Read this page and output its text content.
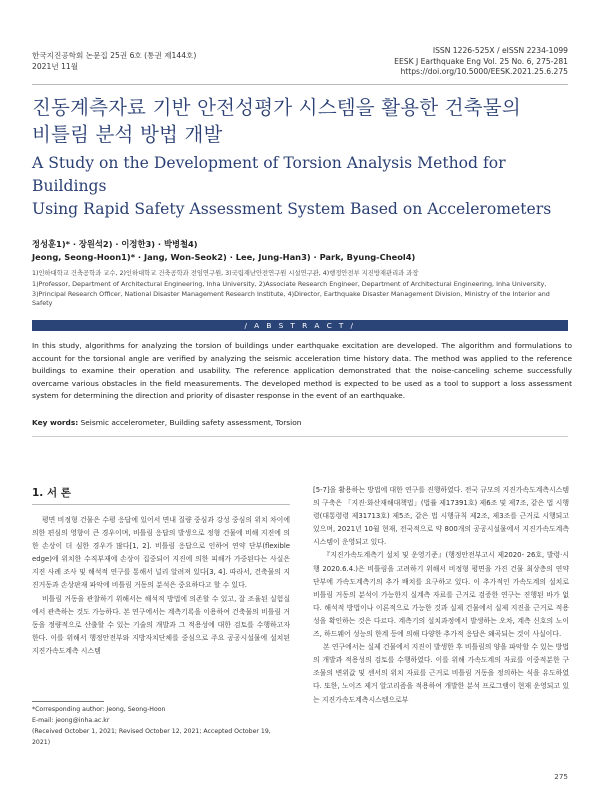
한국지진공학회 논문집 25권 6호 (통권 제144호)
2021년 11월
ISSN 1226-525X / eISSN 2234-1099
EESK J Earthquake Eng Vol. 25 No. 6, 275-281
https://doi.org/10.5000/EESK.2021.25.6.275
진동계측자료 기반 안전성평가 시스템을 활용한 건축물의
비틀림 분석 방법 개발
A Study on the Development of Torsion Analysis Method for Buildings
Using Rapid Safety Assessment System Based on Accelerometers
정성훈1)* · 장원석2) · 이정한3) · 박병철4)
Jeong, Seong-Hoon1)* · Jang, Won-Seok2) · Lee, Jung-Han3) · Park, Byung-Cheol4)
1)인하대학교 건축공학과 교수, 2)인하대학교 건축공학과 전임연구원, 3)국립재난안전연구원 시설연구관, 4)행정안전부 지진방재관리과 과장
1)Professor, Department of Architectural Engineering, Inha University, 2)Associate Research Engineer, Department of Architectural Engineering, Inha University, 3)Principal Research Officer, National Disaster Management Research Institute, 4)Director, Earthquake Disaster Management Division, Ministry of the Interior and Safety
/ A B S T R A C T /
In this study, algorithms for analyzing the torsion of buildings under earthquake excitation are developed. The algorithm and formulations to account for the torsional angle are verified by analyzing the seismic acceleration time history data. The method was applied to the reference buildings to examine their operation and usability. The reference application demonstrated that the noise-canceling scheme successfully overcame various obstacles in the field measurements. The developed method is expected to be used as a tool to support a loss assessment system for determining the direction and priority of disaster response in the event of an earthquake.
Key words: Seismic accelerometer, Building safety assessment, Torsion
1. 서 론

평면 비정형 건물은 수평 응답에 있어서 면내 질량 중심과 강성 중심의 위치 차이에 의한 편심의 영향이 큰 경우이며, 비틀림 응답의 발생으로 정형 건물에 비해 지진에 의한 손상이 더 심한 경우가 많다[1, 2]. 비틀림 응답으로 인하여 연약 단부(flexible edge)에 위치한 수직부재에 손상이 집중되어 지진에 의한 피해가 가중된다는 사실은 지진 사례 조사 및 해석적 연구를 통해서 널리 알려져 있다[3, 4]. 따라서, 건축물의 지진거동과 손상판재 파악에 비틀림 거동의 분석은 중요하다고 할 수 있다.

비틀림 거동을 관찰하기 위해서는 해석적 방법에 의존할 수 있고, 잘 조율된 실험실에서 관측하는 것도 가능하다. 본 연구에서는 계측기록을 이용하여 건축물의 비틀림 거동을 정량적으로 산출할 수 있는 기술의 개발과 그 적용성에 대한 검토를 수행하고자 한다. 이를 위해서 행정안전부와 지방자치단체를 중심으로 주요 공공시설물에 설치된 지진가속도계측 시스템

[5-7]을 활용하는 방법에 대한 연구를 진행하였다. 전국 규모의 지진가속도계측시스템의 구축은 「지진·화산재해대책법」(법률 제17391호) 제6조 및 제7조, 같은 법 시행령(대통령령 제31713호) 제5조, 같은 법 시행규칙 제2조, 제3조를 근거로 시행되고 있으며, 2021년 10월 현재, 전국적으로 약 800개의 공공시설물에서 지진가속도계측 시스템이 운영되고 있다.

『지진가속도계측기 설치 및 운영기준』(행정안전부고시 제2020- 26호, 발령·시행 2020.6.4.)은 비틀림을 고려하기 위해서 비정형 평면을 가진 건물 최상층의 연약 단부에 가속도계측기의 추가 배치를 요구하고 있다. 이 추가적인 가속도계의 설치로 비틀림 거동의 분석이 가능한지 실계측 자료를 근거로 검증한 연구는 진행된 바가 없다. 해석적 방법이나 이론적으로 가능한 것과 실제 건물에서 실제 지진을 근거로 적용성을 확인하는 것은 다르다. 계측기의 설치과정에서 발생하는 오차, 계측 신호의 노이즈, 하드웨어 성능의 한계 등에 의해 다양한 추가적 응답은 왜곡되는 것이 사실이다.

본 연구에서는 실제 건물에서 지진이 발생한 후 비틀림의 양을 파악할 수 있는 방법의 개발과 적용성의 검토를 수행하였다. 이를 위해 가속도계의 자료를 이중적분한 구조물의 변위값 및 센서의 위치 자료를 근거로 비틀림 거동을 정의하는 식을 유도하였다. 또한, 노이즈 제거 알고리즘을 적용하여 개발한 분석 프로그램이 현재 운영되고 있는 지진가속도계측시스템으로부

*Corresponding author: Jeong, Seong-Hoon
E-mail: jeong@inha.ac.kr
(Received October 1, 2021; Revised October 12, 2021; Accepted October 19, 2021)
275
